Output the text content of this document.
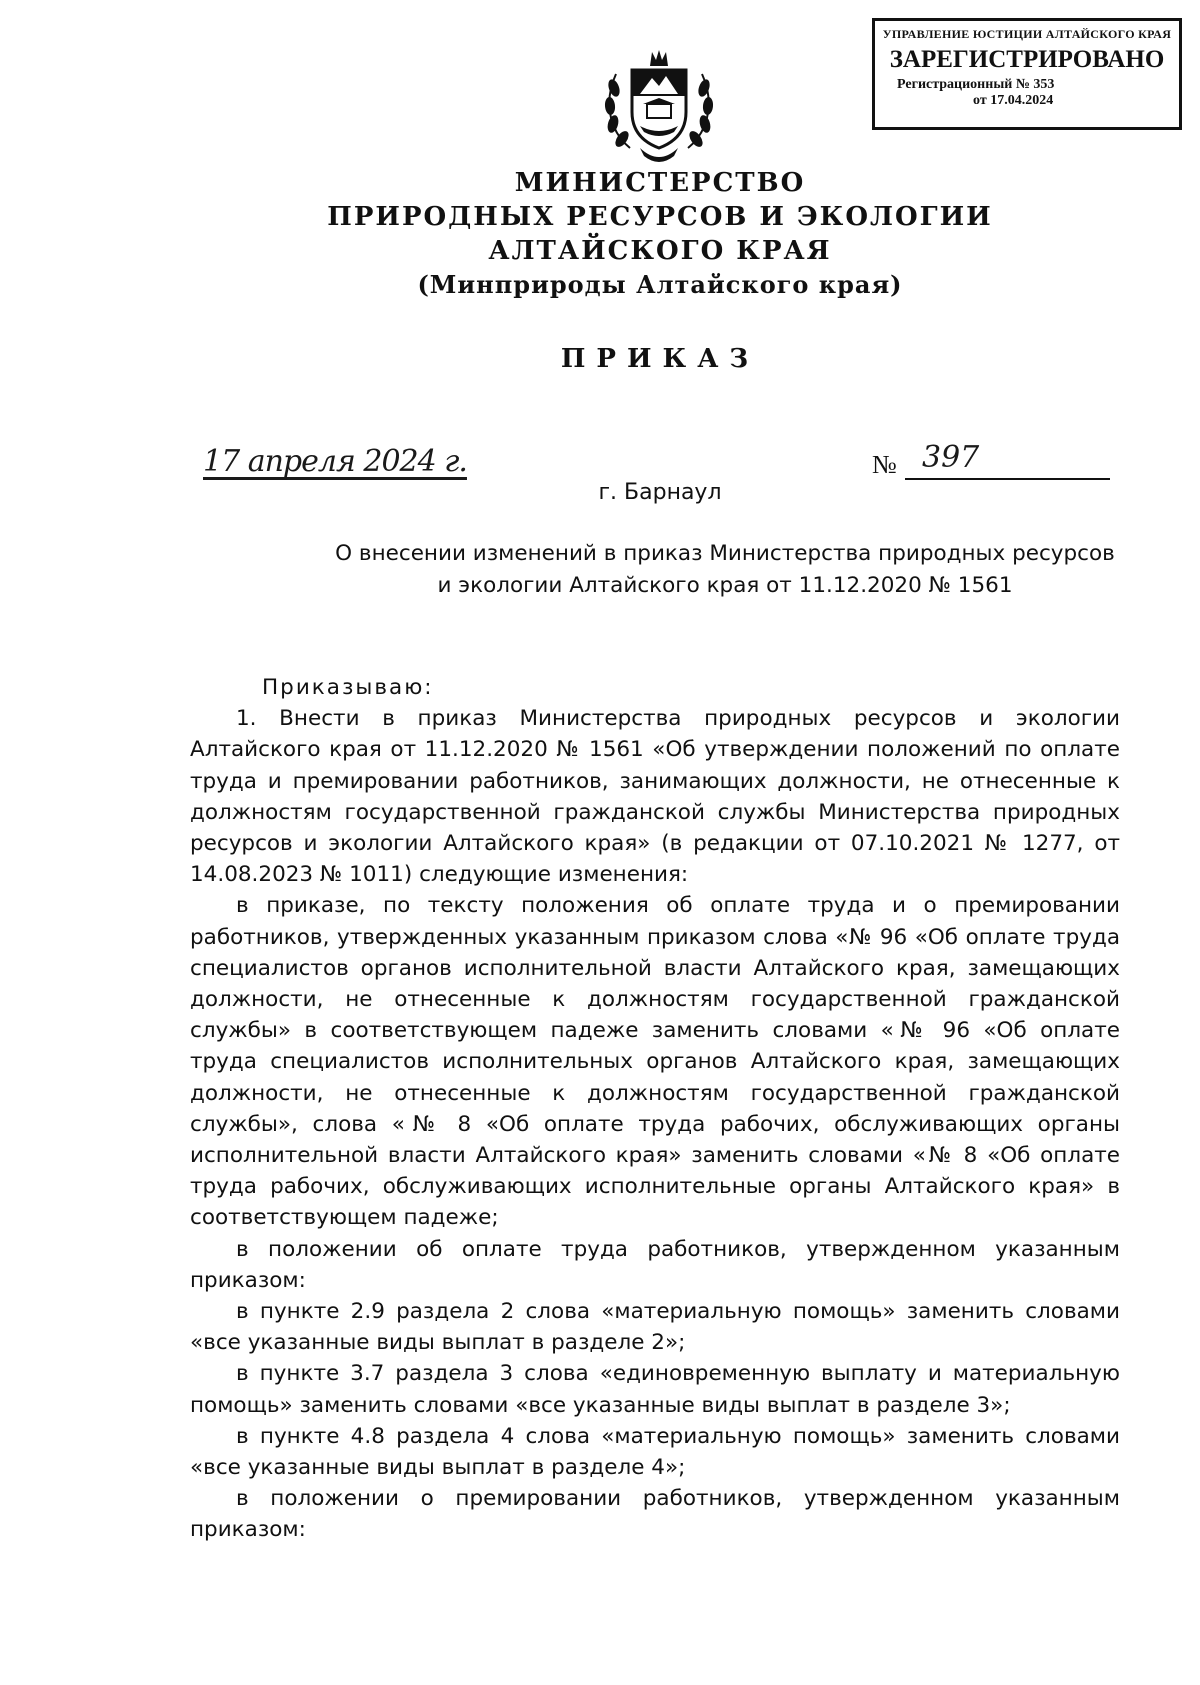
УПРАВЛЕНИЕ ЮСТИЦИИ АЛТАЙСКОГО КРАЯ
ЗАРЕГИСТРИРОВАНО
Регистрационный № 353
от 17.04.2024
МИНИСТЕРСТВО
ПРИРОДНЫХ РЕСУРСОВ И ЭКОЛОГИИ
АЛТАЙСКОГО КРАЯ
(Минприроды Алтайского края)
ПРИКАЗ
17 апреля 2024 г.	№ 397
г. Барнаул
О внесении изменений в приказ Министерства природных ресурсов и экологии Алтайского края от 11.12.2020 № 1561
Приказываю:
1. Внести в приказ Министерства природных ресурсов и экологии Алтайского края от 11.12.2020 № 1561 «Об утверждении положений по оплате труда и премировании работников, занимающих должности, не отнесенные к должностям государственной гражданской службы Министерства природных ресурсов и экологии Алтайского края» (в редакции от 07.10.2021 № 1277, от 14.08.2023 № 1011) следующие изменения:
в приказе, по тексту положения об оплате труда и о премировании работников, утвержденных указанным приказом слова «№ 96 «Об оплате труда специалистов органов исполнительной власти Алтайского края, замещающих должности, не отнесенные к должностям государственной гражданской службы» в соответствующем падеже заменить словами «№ 96 «Об оплате труда специалистов исполнительных органов Алтайского края, замещающих должности, не отнесенные к должностям государственной гражданской службы», слова «№ 8 «Об оплате труда рабочих, обслуживающих органы исполнительной власти Алтайского края» заменить словами «№ 8 «Об оплате труда рабочих, обслуживающих исполнительные органы Алтайского края» в соответствующем падеже;
в положении об оплате труда работников, утвержденном указанным приказом:
в пункте 2.9 раздела 2 слова «материальную помощь» заменить словами «все указанные виды выплат в разделе 2»;
в пункте 3.7 раздела 3 слова «единовременную выплату и материальную помощь» заменить словами «все указанные виды выплат в разделе 3»;
в пункте 4.8 раздела 4 слова «материальную помощь» заменить словами «все указанные виды выплат в разделе 4»;
в положении о премировании работников, утвержденном указанным приказом:
